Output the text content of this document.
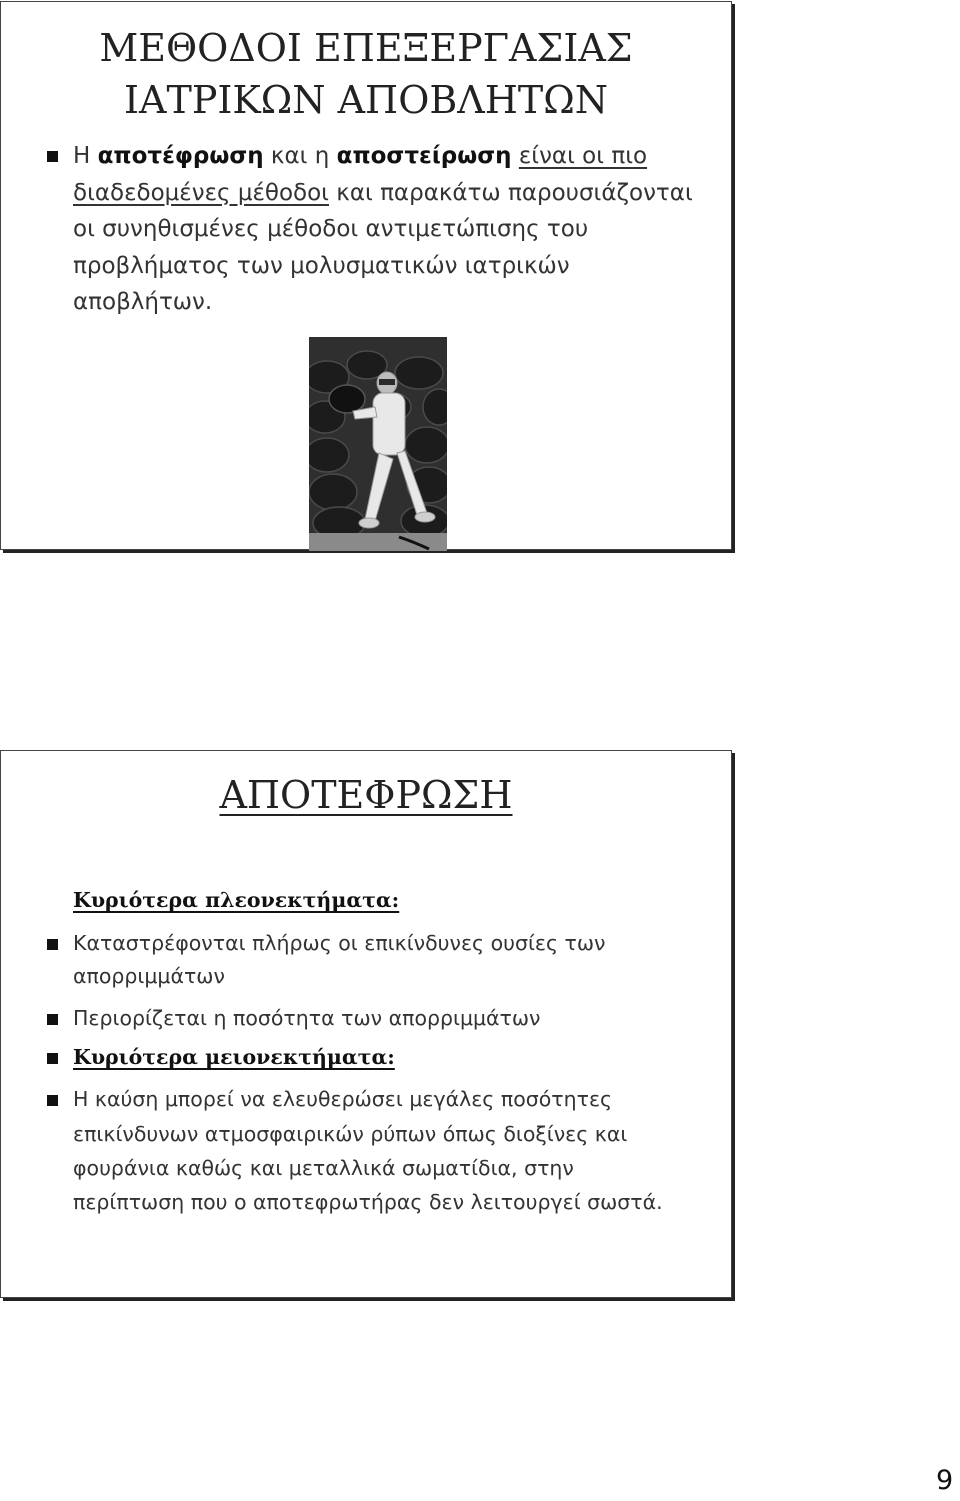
ΜΕΘΟΔΟΙ ΕΠΕΞΕΡΓΑΣΙΑΣ
ΙΑΤΡΙΚΩΝ ΑΠΟΒΛΗΤΩΝ
Η αποτέφρωση και η αποστείρωση είναι οι πιο διαδεδομένες μέθοδοι και παρακάτω παρουσιάζονται οι συνηθισμένες μέθοδοι αντιμετώπισης του προβλήματος των μολυσματικών ιατρικών αποβλήτων.
ΑΠΟΤΕΦΡΩΣΗ
Κυριότερα πλεονεκτήματα:
Καταστρέφονται πλήρως οι επικίνδυνες ουσίες των
απορριμμάτων
Περιορίζεται η ποσότητα των απορριμμάτων
Κυριότερα μειονεκτήματα:
Η καύση μπορεί να ελευθερώσει μεγάλες ποσότητες
επικίνδυνων ατμοσφαιρικών ρύπων όπως διοξίνες και
φουράνια καθώς και μεταλλικά σωματίδια, στην
περίπτωση που ο αποτεφρωτήρας δεν λειτουργεί σωστά.
9
